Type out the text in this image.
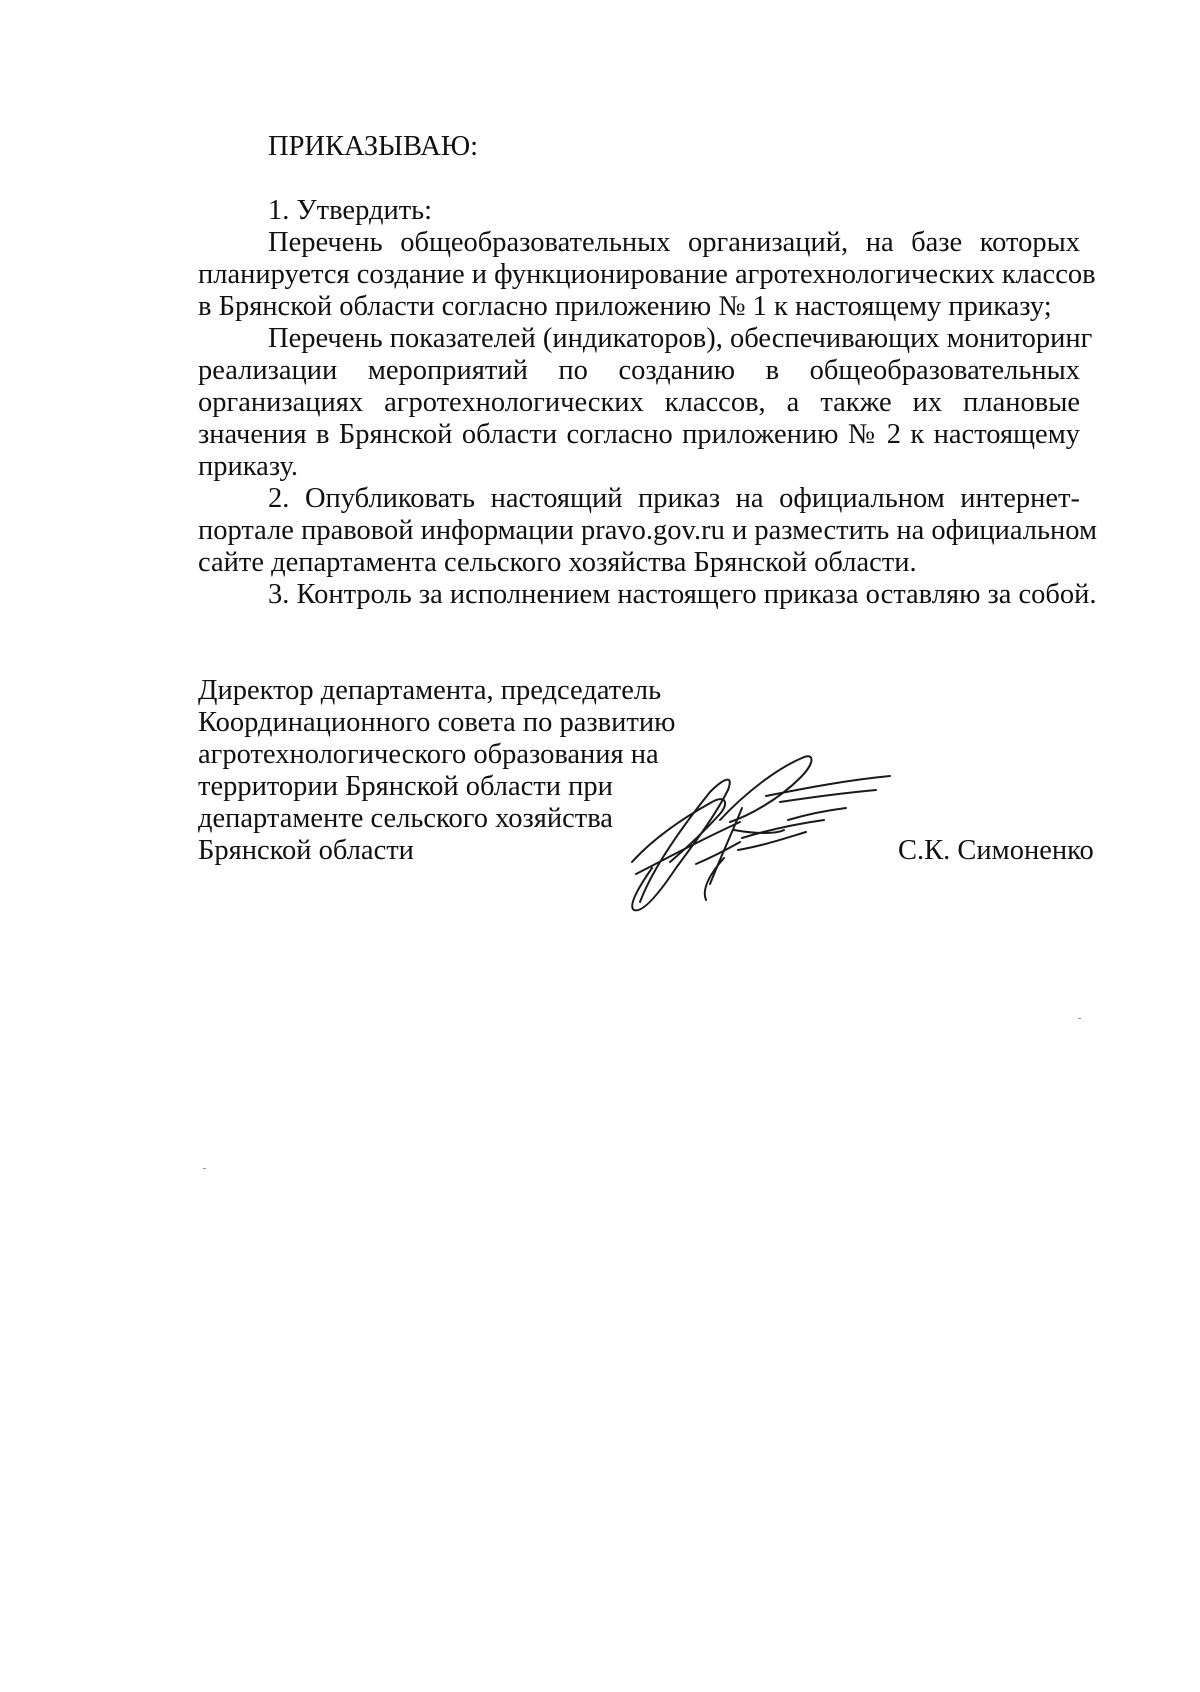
ПРИКАЗЫВАЮ:
1. Утвердить:
Перечень общеобразовательных организаций, на базе которых
планируется создание и функционирование агротехнологических классов
в Брянской области согласно приложению № 1 к настоящему приказу;
Перечень показателей (индикаторов), обеспечивающих мониторинг
реализации мероприятий по созданию в общеобразовательных
организациях агротехнологических классов, а также их плановые
значения в Брянской области согласно приложению № 2 к настоящему
приказу.
2. Опубликовать настоящий приказ на официальном интернет-
портале правовой информации pravo.gov.ru и разместить на официальном
сайте департамента сельского хозяйства Брянской области.
3. Контроль за исполнением настоящего приказа оставляю за собой.
Директор департамента, председатель
Координационного совета по развитию
агротехнологического образования на
территории Брянской области при
департаменте сельского хозяйства
Брянской области	С.К. Симоненко
